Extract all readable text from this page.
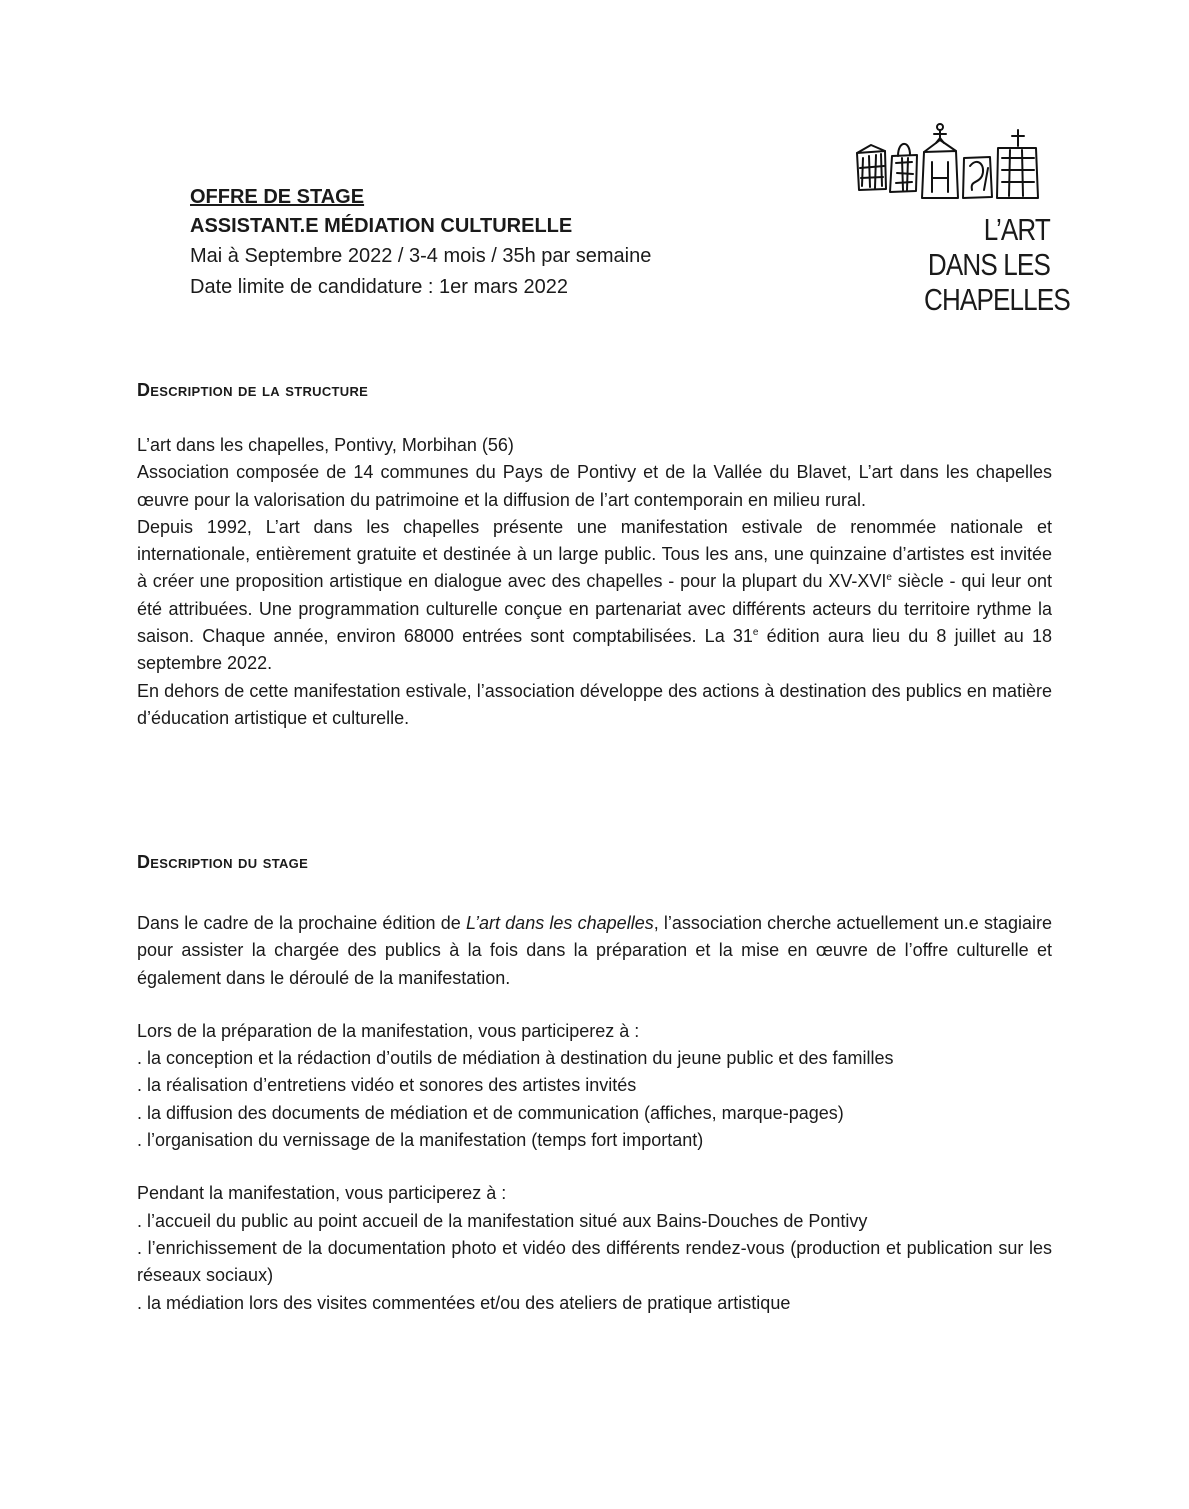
OFFRE DE STAGE
ASSISTANT.E MÉDIATION CULTURELLE
Mai à Septembre 2022 / 3-4 mois / 35h par semaine
Date limite de candidature : 1er mars 2022
L’ART
DANS LES
CHAPELLES
Description de la structure

L’art dans les chapelles, Pontivy, Morbihan (56)

Association composée de 14 communes du Pays de Pontivy et de la Vallée du Blavet, L’art dans les chapelles œuvre pour la valorisation du patrimoine et la diffusion de l’art contemporain en milieu rural.

Depuis 1992, L’art dans les chapelles présente une manifestation estivale de renommée nationale et internationale, entièrement gratuite et destinée à un large public. Tous les ans, une quinzaine d’artistes est invitée à créer une proposition artistique en dialogue avec des chapelles - pour la plupart du XV-XVIe siècle - qui leur ont été attribuées. Une programmation culturelle conçue en partenariat avec différents acteurs du territoire rythme la saison. Chaque année, environ 68000 entrées sont comptabilisées. La 31e édition aura lieu du 8 juillet au 18 septembre 2022.

En dehors de cette manifestation estivale, l’association développe des actions à destination des publics en matière d’éducation artistique et culturelle.

Description du stage

Dans le cadre de la prochaine édition de L’art dans les chapelles, l’association cherche actuellement un.e stagiaire pour assister la chargée des publics à la fois dans la préparation et la mise en œuvre de l’offre culturelle et également dans le déroulé de la manifestation.

Lors de la préparation de la manifestation, vous participerez à :

. la conception et la rédaction d’outils de médiation à destination du jeune public et des familles

. la réalisation d’entretiens vidéo et sonores des artistes invités

. la diffusion des documents de médiation et de communication (affiches, marque-pages)

. l’organisation du vernissage de la manifestation (temps fort important)

Pendant la manifestation, vous participerez à :

. l’accueil du public au point accueil de la manifestation situé aux Bains-Douches de Pontivy

. l’enrichissement de la documentation photo et vidéo des différents rendez-vous (production et publication sur les réseaux sociaux)

. la médiation lors des visites commentées et/ou des ateliers de pratique artistique
